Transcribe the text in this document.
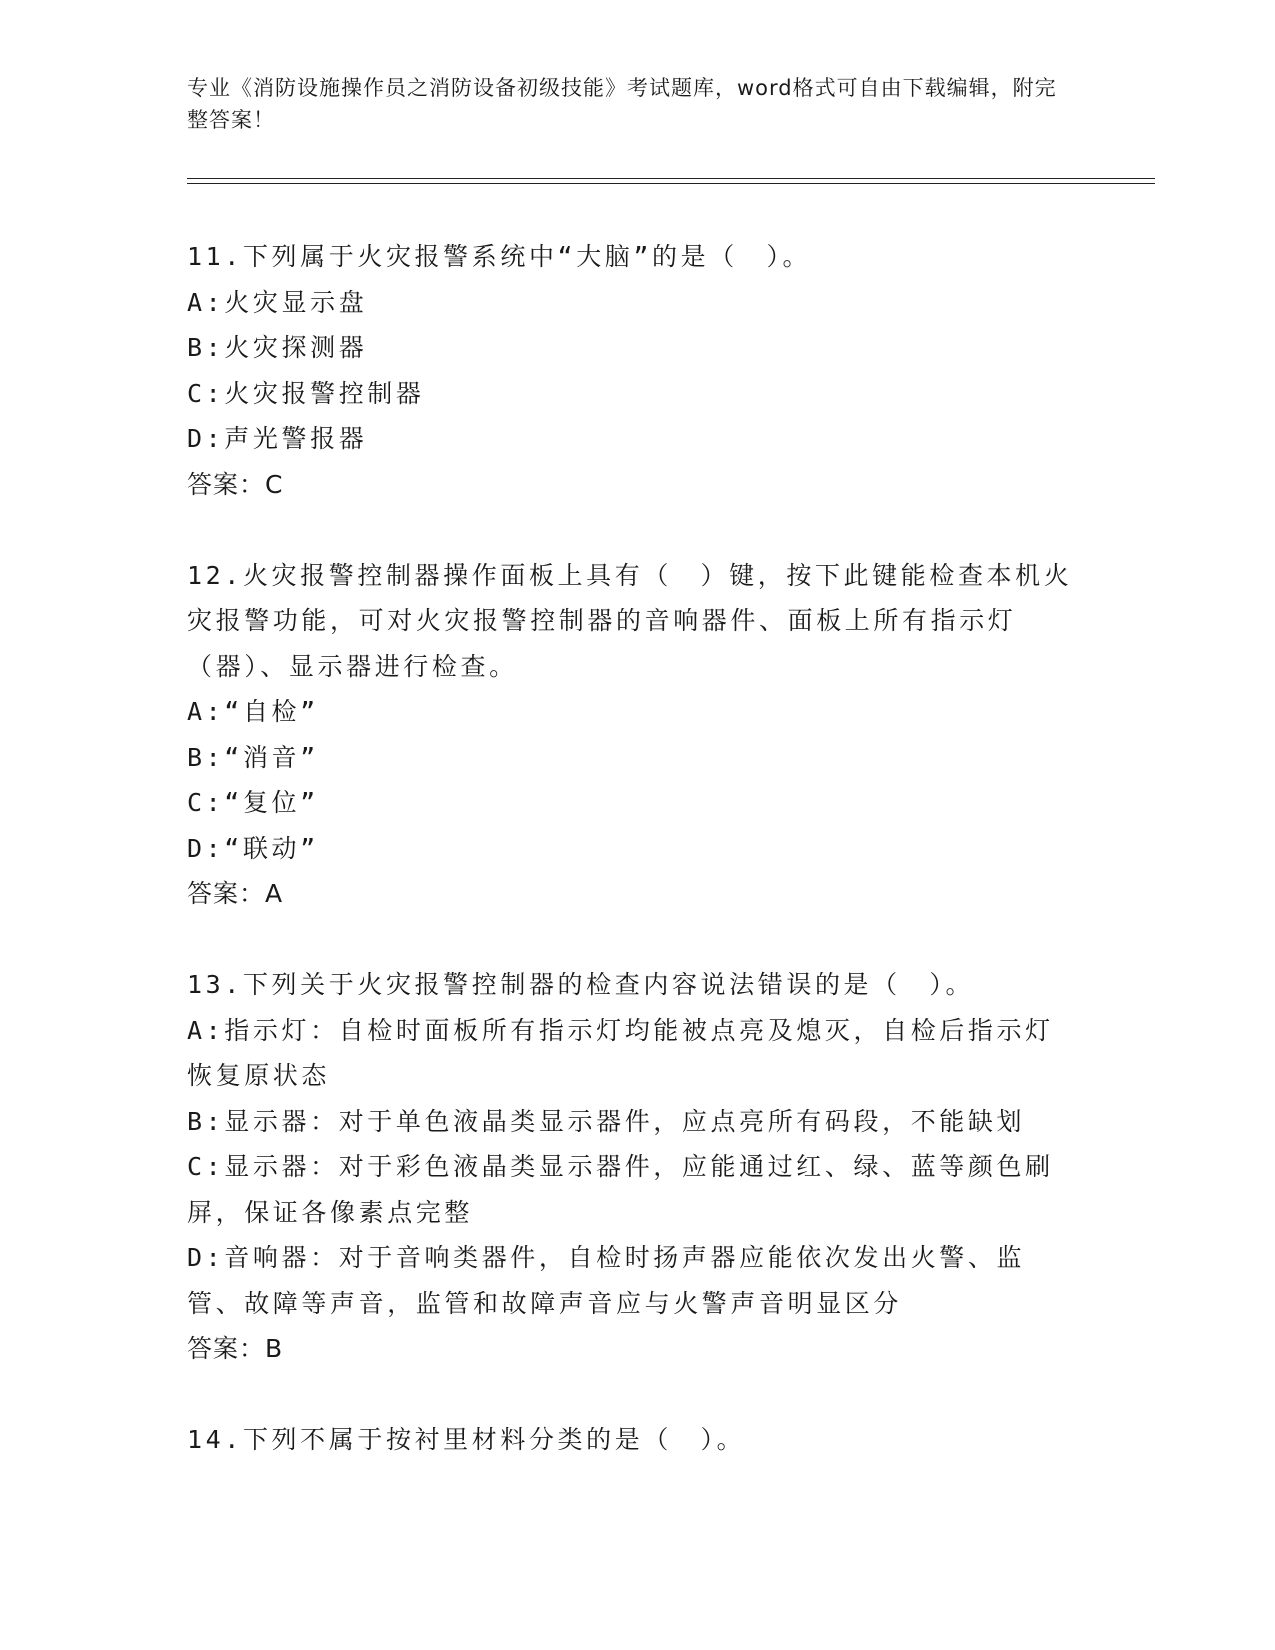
专业《消防设施操作员之消防设备初级技能》考试题库，word格式可自由下载编辑，附完整答案！

11.下列属于火灾报警系统中“大脑”的是（　）。

A:火灾显示盘

B:火灾探测器

C:火灾报警控制器

D:声光警报器

答案：C

12.火灾报警控制器操作面板上具有（　）键，按下此键能检查本机火灾报警功能，可对火灾报警控制器的音响器件、面板上所有指示灯（器）、显示器进行检查。

A:“自检”

B:“消音”

C:“复位”

D:“联动”

答案：A

13.下列关于火灾报警控制器的检查内容说法错误的是（　）。

A:指示灯：自检时面板所有指示灯均能被点亮及熄灭，自检后指示灯恢复原状态

B:显示器：对于单色液晶类显示器件，应点亮所有码段，不能缺划

C:显示器：对于彩色液晶类显示器件，应能通过红、绿、蓝等颜色刷屏，保证各像素点完整

D:音响器：对于音响类器件，自检时扬声器应能依次发出火警、监管、故障等声音，监管和故障声音应与火警声音明显区分

答案：B

14.下列不属于按衬里材料分类的是（　）。
